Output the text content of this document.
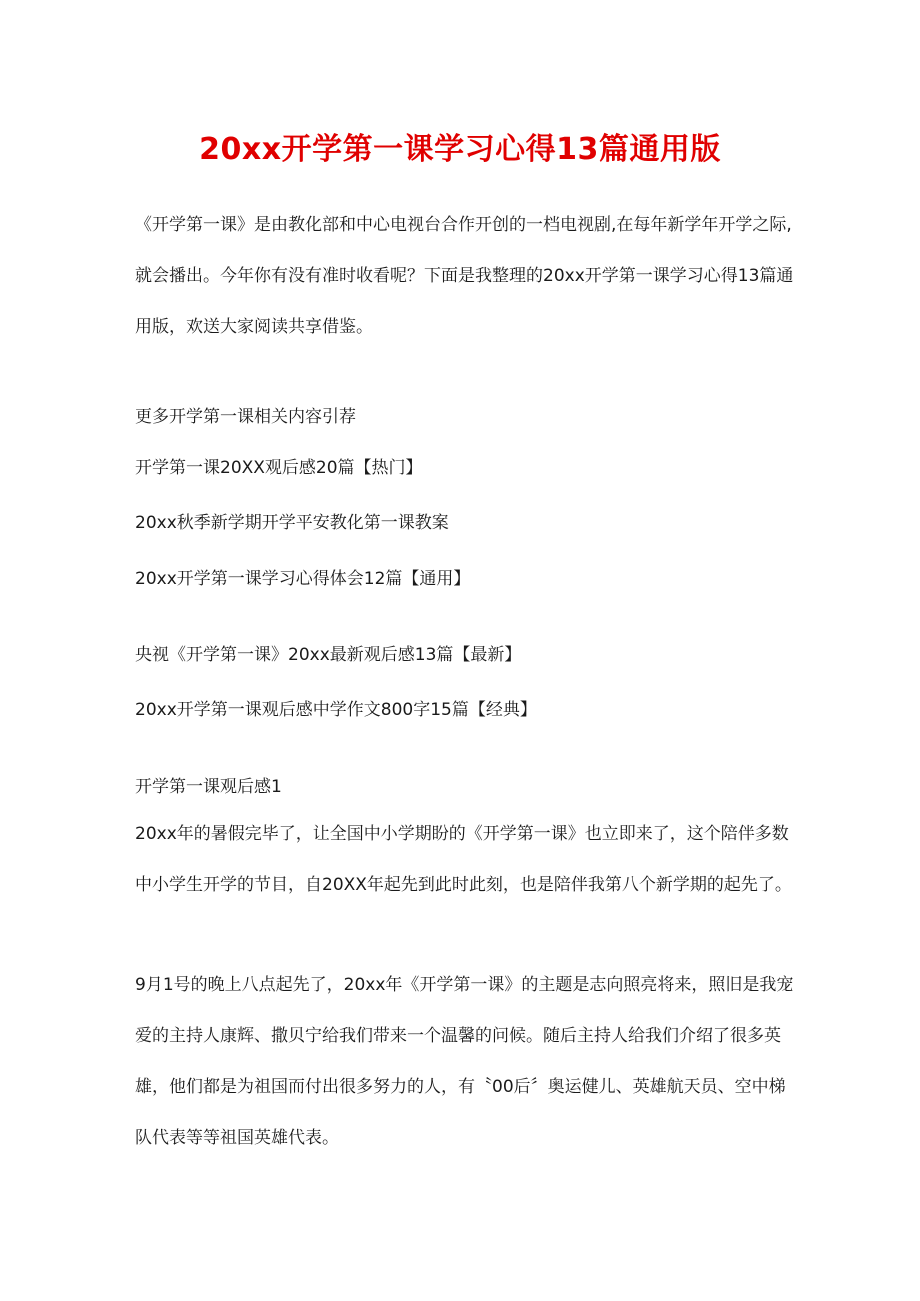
20xx开学第一课学习心得13篇通用版

《开学第一课》是由教化部和中心电视台合作开创的一档电视剧,在每年新学年开学之际,就会播出。今年你有没有准时收看呢？下面是我整理的20xx开学第一课学习心得13篇通用版，欢送大家阅读共享借鉴。

更多开学第一课相关内容引荐

开学第一课20XX观后感20篇【热门】

20xx秋季新学期开学平安教化第一课教案

20xx开学第一课学习心得体会12篇【通用】

央视《开学第一课》20xx最新观后感13篇【最新】

20xx开学第一课观后感中学作文800字15篇【经典】

开学第一课观后感1

20xx年的暑假完毕了，让全国中小学期盼的《开学第一课》也立即来了，这个陪伴多数中小学生开学的节目，自20XX年起先到此时此刻，也是陪伴我第八个新学期的起先了。

9月1号的晚上八点起先了，20xx年《开学第一课》的主题是志向照亮将来，照旧是我宠爱的主持人康辉、撒贝宁给我们带来一个温馨的问候。随后主持人给我们介绍了很多英雄，他们都是为祖国而付出很多努力的人，有〝00后〞奥运健儿、英雄航天员、空中梯队代表等等祖国英雄代表。
